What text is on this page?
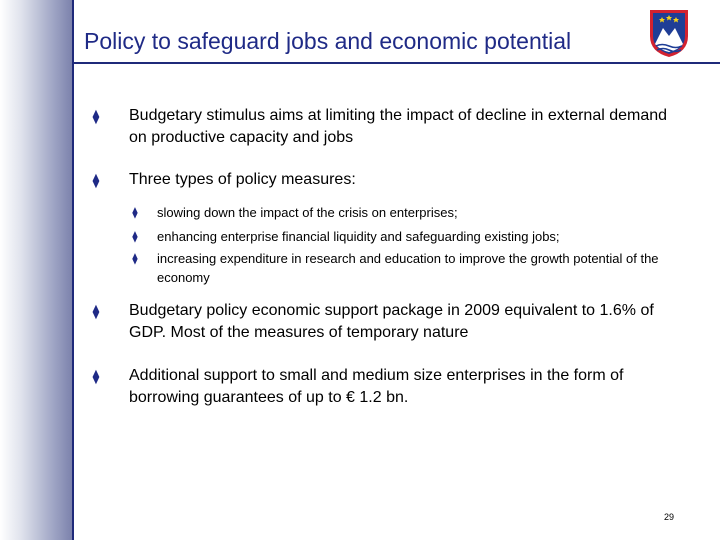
Policy to safeguard jobs and economic potential
⧫	Budgetary stimulus aims at limiting the impact of decline in external demand on productive capacity and jobs
⧫	Three types of policy measures:
⧫ slowing down the impact of the crisis on enterprises;
⧫ enhancing enterprise financial liquidity and safeguarding existing jobs;
⧫ increasing expenditure in research and education to improve the growth potential of the economy
⧫	Budgetary policy economic support package in 2009 equivalent to 1.6% of GDP. Most of the measures of temporary nature
⧫	Additional support to small and medium size enterprises in the form of borrowing guarantees of up to € 1.2 bn.
29
